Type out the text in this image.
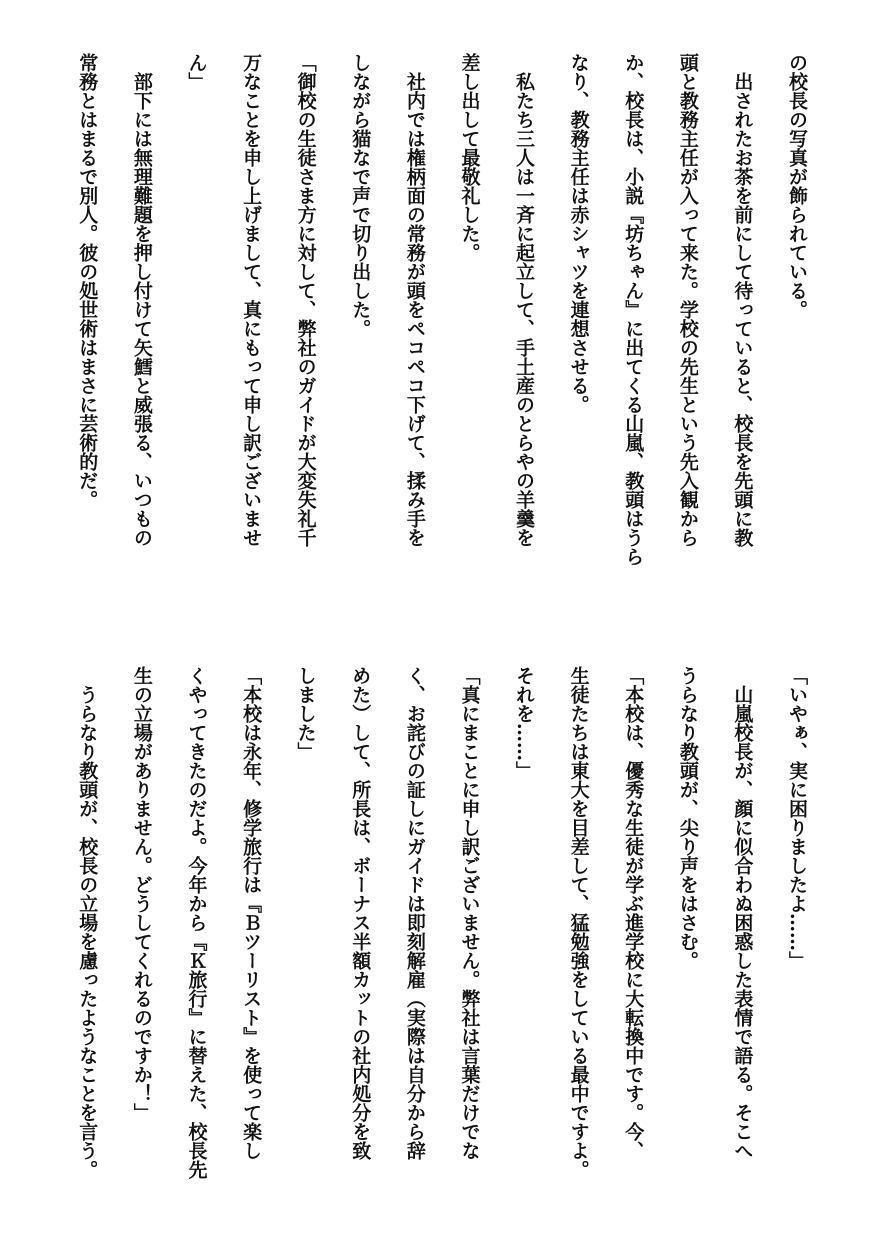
の校長の写真が飾られている。
出されたお茶を前にして待っていると、校長を先頭に教
頭と教務主任が入って来た。学校の先生という先入観から
か、校長は、小説『坊ちゃん』に出てくる山嵐、教頭はうら
なり、教務主任は赤シャツを連想させる。
私たち三人は一斉に起立して、手土産のとらやの羊羹を
差し出して最敬礼した。
社内では権柄面の常務が頭をペコペコ下げて、揉み手を
しながら猫なで声で切り出した。
「御校の生徒さま方に対して、弊社のガイドが大変失礼千
万なことを申し上げまして、真にもって申し訳ございませ
ん」
部下には無理難題を押し付けて矢鱈と威張る、いつもの
常務とはまるで別人。彼の処世術はまさに芸術的だ。
「いやぁ、実に困りましたよ……」
山嵐校長が、顔に似合わぬ困惑した表情で語る。そこへ
うらなり教頭が、尖り声をはさむ。
「本校は、優秀な生徒が学ぶ進学校に大転換中です。今、
生徒たちは東大を目差して、猛勉強をしている最中ですよ。
それを……」
「真にまことに申し訳ございません。弊社は言葉だけでな
く、お詫びの証しにガイドは即刻解雇（実際は自分から辞
めた）して、所長は、ボーナス半額カットの社内処分を致
しました」
「本校は永年、修学旅行は『Ｂツーリスト』を使って楽し
くやってきたのだよ。今年から『Ｋ旅行』に替えた、校長先
生の立場がありません。どうしてくれるのですか！」
うらなり教頭が、校長の立場を慮ったようなことを言う。
